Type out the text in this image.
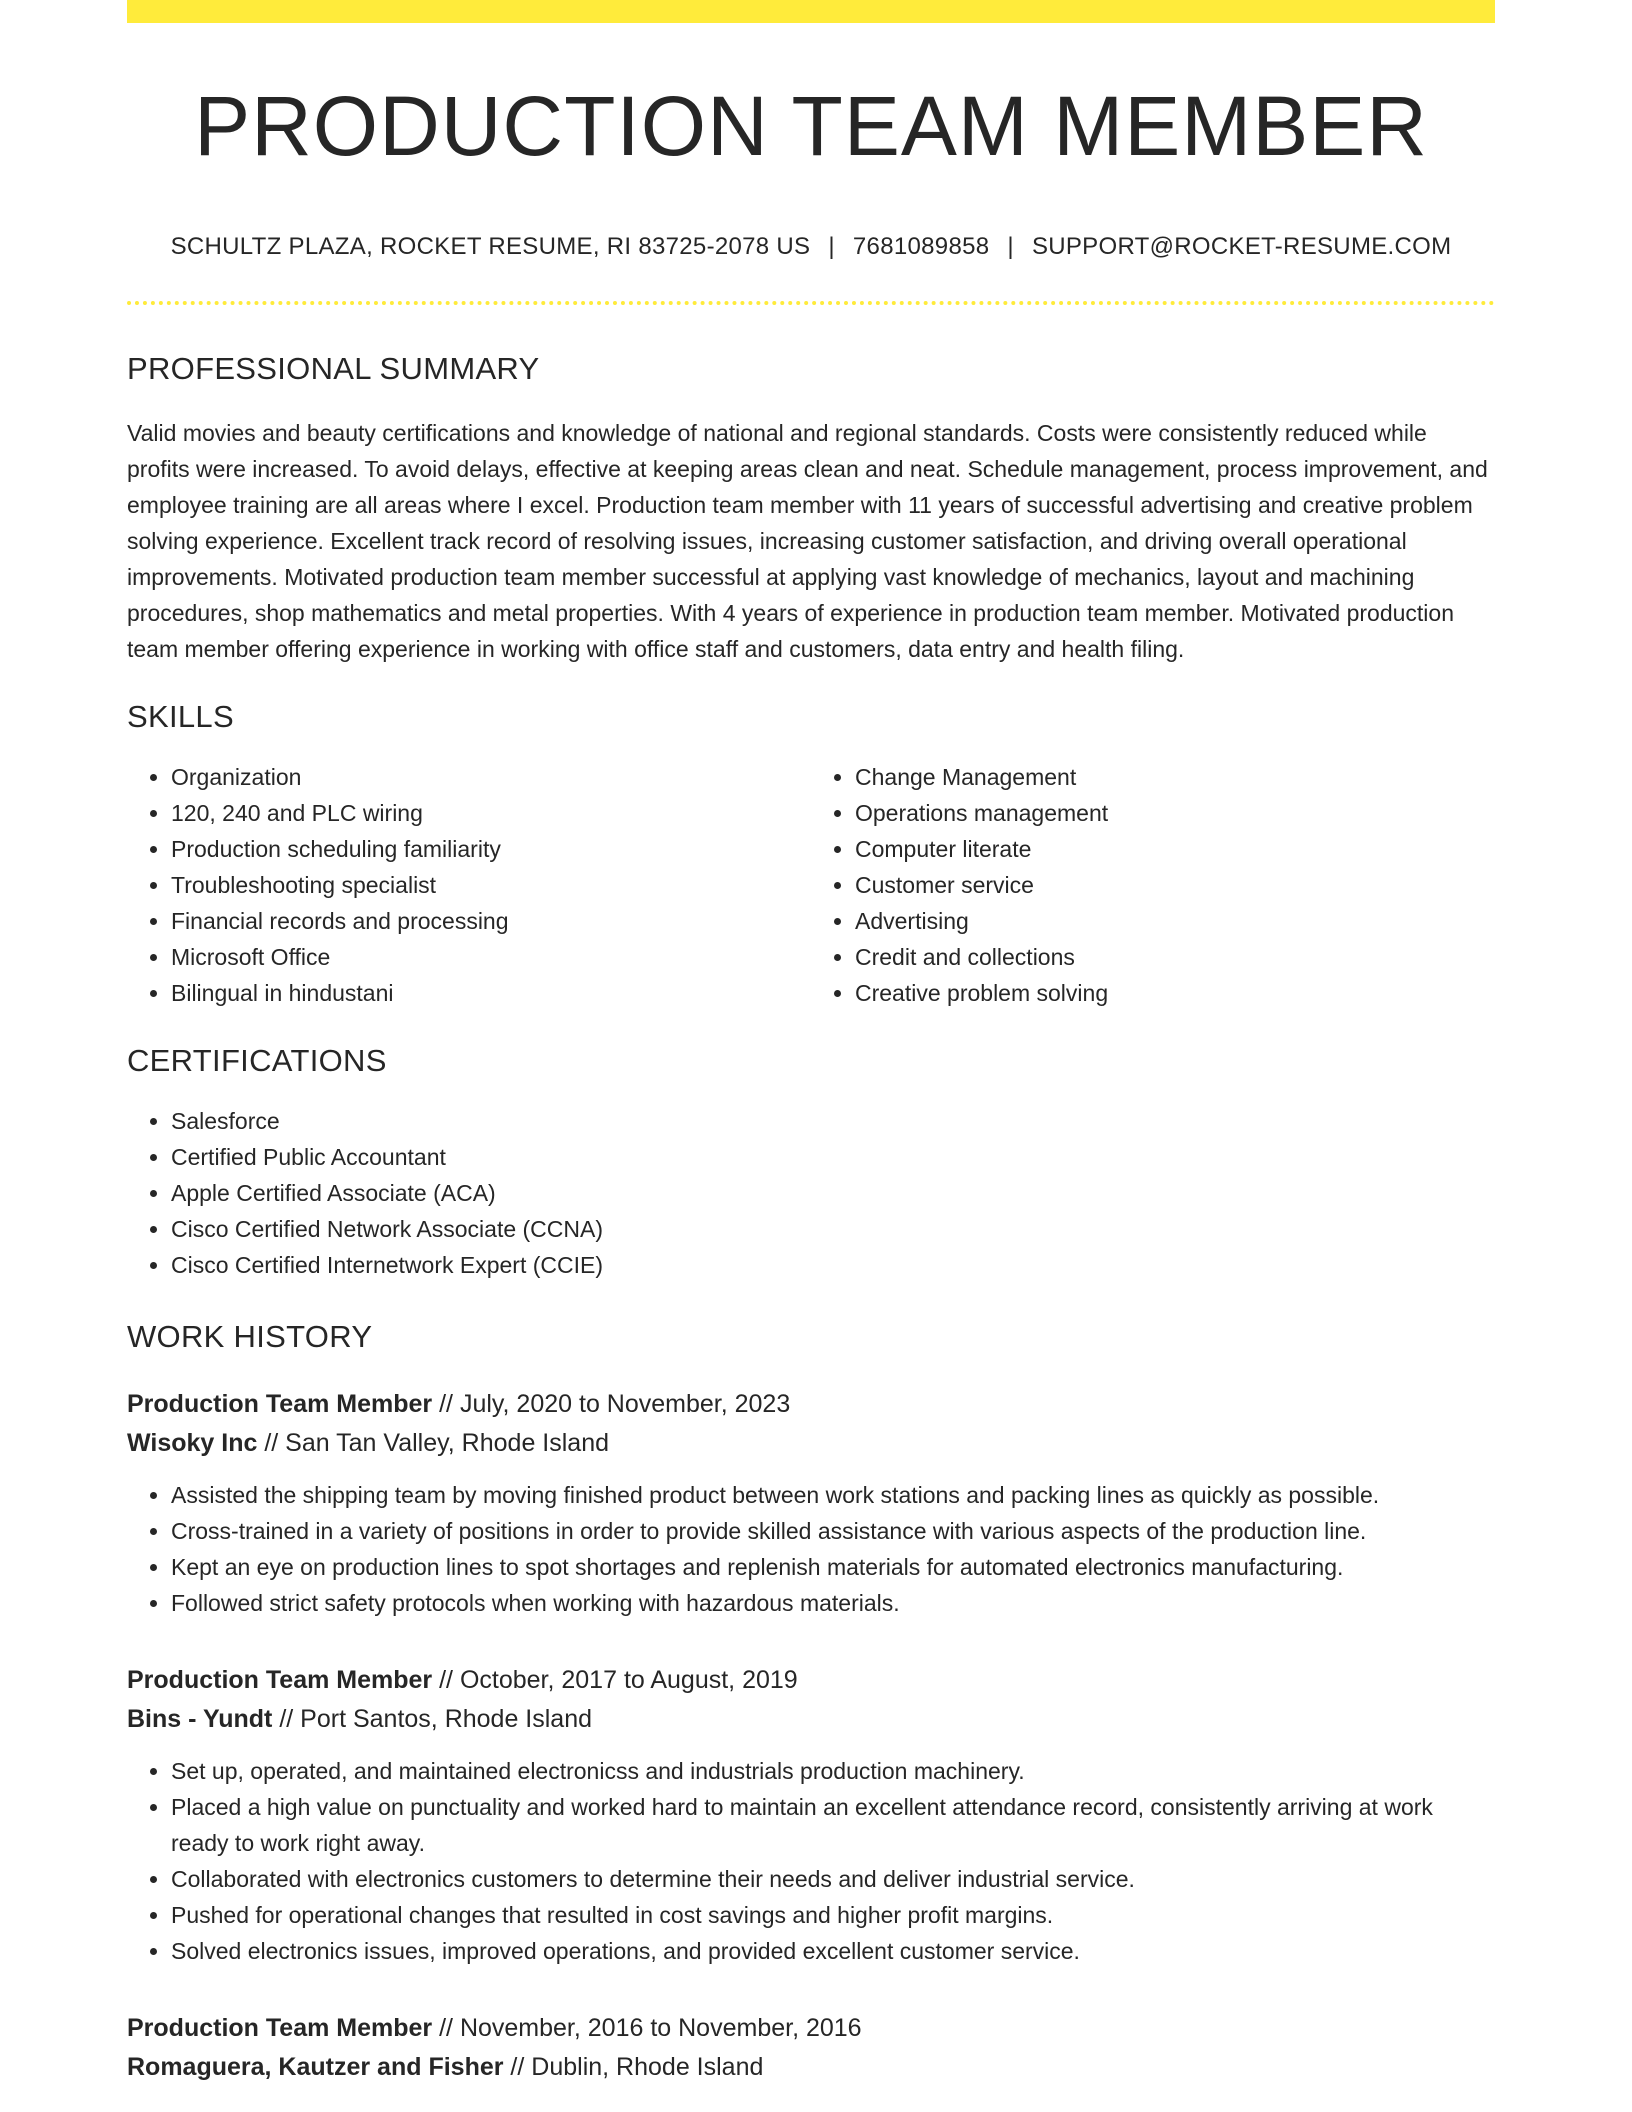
PRODUCTION TEAM MEMBER
SCHULTZ PLAZA, ROCKET RESUME, RI 83725-2078 US | 7681089858 | SUPPORT@ROCKET-RESUME.COM
PROFESSIONAL SUMMARY

Valid movies and beauty certifications and knowledge of national and regional standards. Costs were consistently reduced while profits were increased. To avoid delays, effective at keeping areas clean and neat. Schedule management, process improvement, and employee training are all areas where I excel. Production team member with 11 years of successful advertising and creative problem solving experience. Excellent track record of resolving issues, increasing customer satisfaction, and driving overall operational improvements. Motivated production team member successful at applying vast knowledge of mechanics, layout and machining procedures, shop mathematics and metal properties. With 4 years of experience in production team member. Motivated production team member offering experience in working with office staff and customers, data entry and health filing.

SKILLS
• Organization
• 120, 240 and PLC wiring
• Production scheduling familiarity
• Troubleshooting specialist
• Financial records and processing
• Microsoft Office
• Bilingual in hindustani
• Change Management
• Operations management
• Computer literate
• Customer service
• Advertising
• Credit and collections
• Creative problem solving
CERTIFICATIONS
• Salesforce
• Certified Public Accountant
• Apple Certified Associate (ACA)
• Cisco Certified Network Associate (CCNA)
• Cisco Certified Internetwork Expert (CCIE)
WORK HISTORY
Production Team Member // July, 2020 to November, 2023
Wisoky Inc // San Tan Valley, Rhode Island
• Assisted the shipping team by moving finished product between work stations and packing lines as quickly as possible.
• Cross-trained in a variety of positions in order to provide skilled assistance with various aspects of the production line.
• Kept an eye on production lines to spot shortages and replenish materials for automated electronics manufacturing.
• Followed strict safety protocols when working with hazardous materials.
Production Team Member // October, 2017 to August, 2019
Bins - Yundt // Port Santos, Rhode Island
• Set up, operated, and maintained electronicss and industrials production machinery.
• Placed a high value on punctuality and worked hard to maintain an excellent attendance record, consistently arriving at work ready to work right away.
• Collaborated with electronics customers to determine their needs and deliver industrial service.
• Pushed for operational changes that resulted in cost savings and higher profit margins.
• Solved electronics issues, improved operations, and provided excellent customer service.
Production Team Member // November, 2016 to November, 2016
Romaguera, Kautzer and Fisher // Dublin, Rhode Island
